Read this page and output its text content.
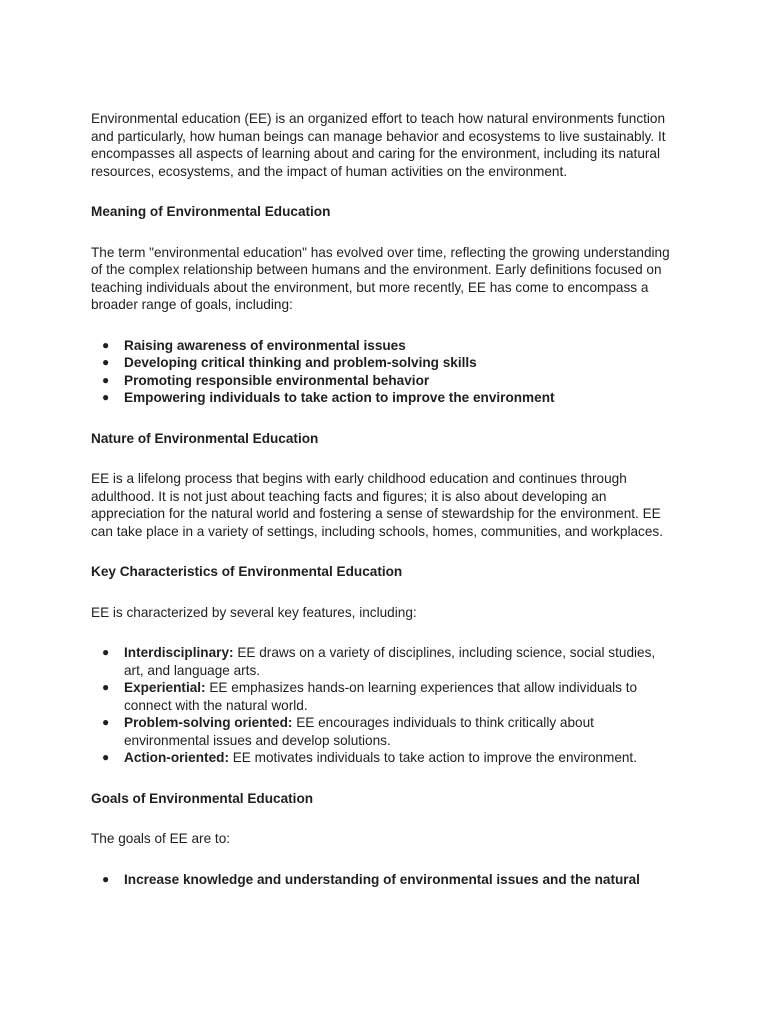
Environmental education (EE) is an organized effort to teach how natural environments function and particularly, how human beings can manage behavior and ecosystems to live sustainably. It encompasses all aspects of learning about and caring for the environment, including its natural resources, ecosystems, and the impact of human activities on the environment.

Meaning of Environmental Education

The term "environmental education" has evolved over time, reflecting the growing understanding of the complex relationship between humans and the environment. Early definitions focused on teaching individuals about the environment, but more recently, EE has come to encompass a broader range of goals, including:

● Raising awareness of environmental issues
● Developing critical thinking and problem-solving skills
● Promoting responsible environmental behavior
● Empowering individuals to take action to improve the environment
Nature of Environmental Education

EE is a lifelong process that begins with early childhood education and continues through adulthood. It is not just about teaching facts and figures; it is also about developing an appreciation for the natural world and fostering a sense of stewardship for the environment. EE can take place in a variety of settings, including schools, homes, communities, and workplaces.

Key Characteristics of Environmental Education

EE is characterized by several key features, including:

● Interdisciplinary: EE draws on a variety of disciplines, including science, social studies, art, and language arts.
● Experiential: EE emphasizes hands-on learning experiences that allow individuals to connect with the natural world.
● Problem-solving oriented: EE encourages individuals to think critically about environmental issues and develop solutions.
● Action-oriented: EE motivates individuals to take action to improve the environment.
Goals of Environmental Education

The goals of EE are to:

● Increase knowledge and understanding of environmental issues and the natural
